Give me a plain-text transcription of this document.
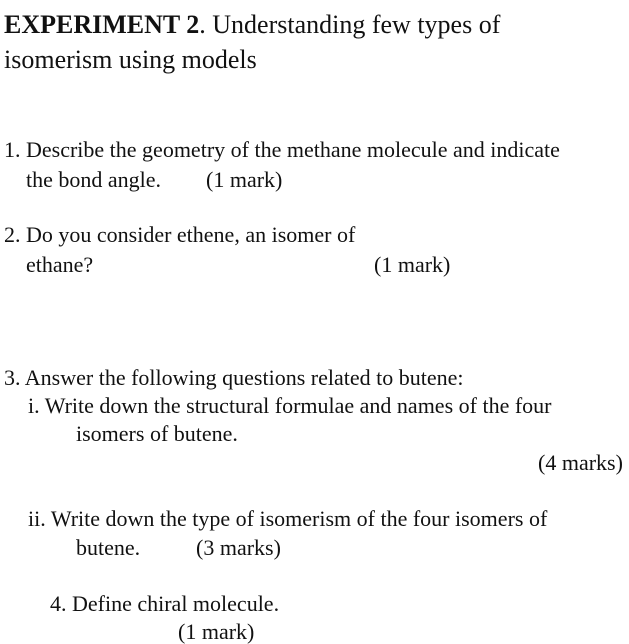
EXPERIMENT 2. Understanding few types of
isomerism using models
1. Describe the geometry of the methane molecule and indicate
the bond angle. (1 mark)
2. Do you consider ethene, an isomer of
ethane?	(1 mark)
3. Answer the following questions related to butene:
i. Write down the structural formulae and names of the four
isomers of butene.
(4 marks)
ii. Write down the type of isomerism of the four isomers of
butene.	(3 marks)
4. Define chiral molecule.
(1 mark)
